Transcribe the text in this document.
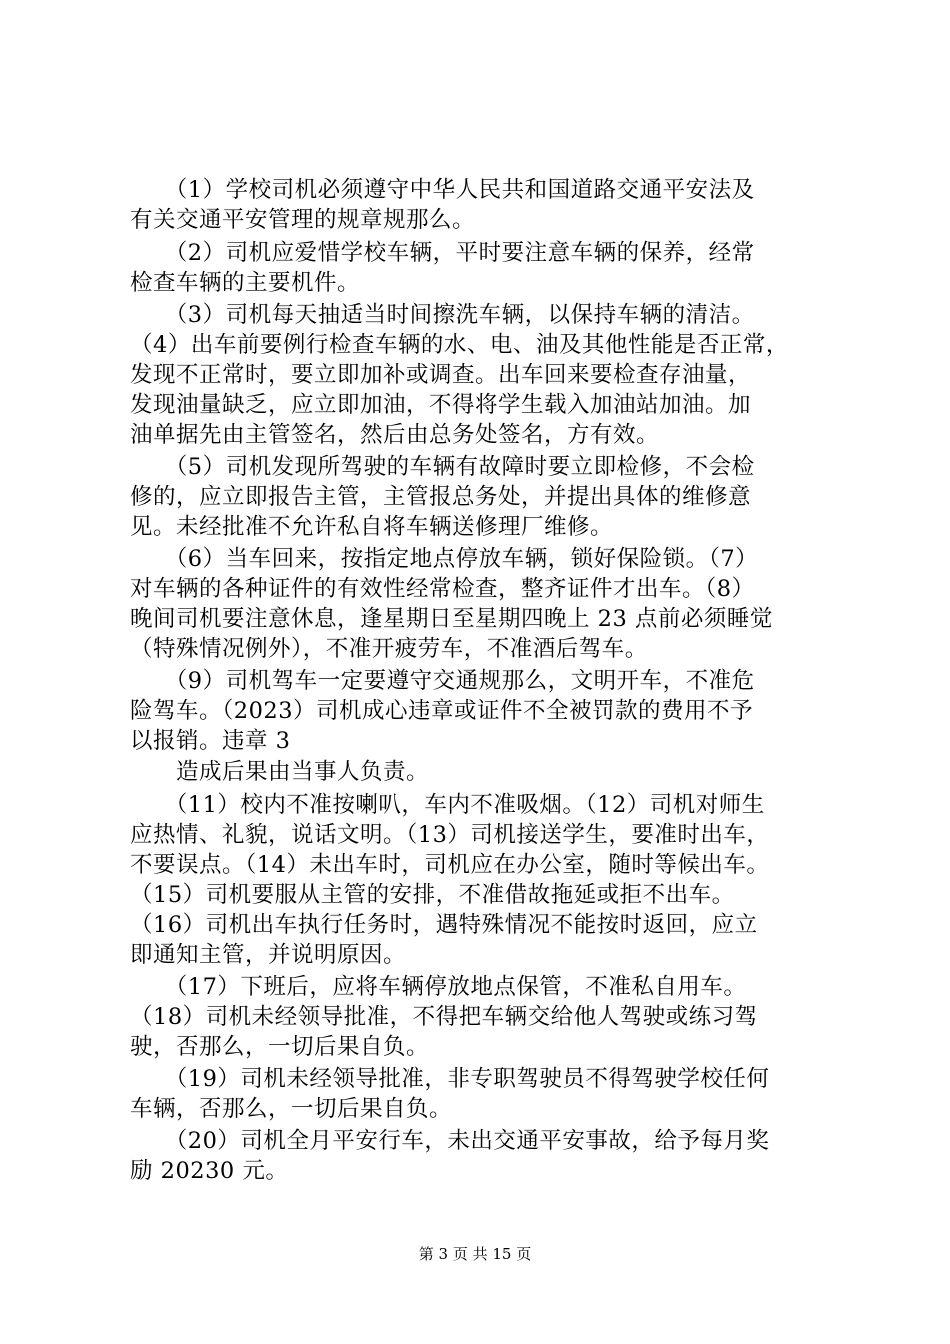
　　（1）学校司机必须遵守中华人民共和国道路交通平安法及
有关交通平安管理的规章规那么。
　　（2）司机应爱惜学校车辆，平时要注意车辆的保养，经常
检查车辆的主要机件。
　　（3）司机每天抽适当时间擦洗车辆，以保持车辆的清洁。
（4）出车前要例行检查车辆的水、电、油及其他性能是否正常，
发现不正常时，要立即加补或调查。出车回来要检查存油量，
发现油量缺乏，应立即加油，不得将学生载入加油站加油。加
油单据先由主管签名，然后由总务处签名，方有效。
　　（5）司机发现所驾驶的车辆有故障时要立即检修，不会检
修的，应立即报告主管，主管报总务处，并提出具体的维修意
见。未经批准不允许私自将车辆送修理厂维修。
　　（6）当车回来，按指定地点停放车辆，锁好保险锁。（7）
对车辆的各种证件的有效性经常检查，整齐证件才出车。（8）
晚间司机要注意休息，逢星期日至星期四晚上 23 点前必须睡觉
（特殊情况例外），不准开疲劳车，不准酒后驾车。
　　（9）司机驾车一定要遵守交通规那么，文明开车，不准危
险驾车。（2023）司机成心违章或证件不全被罚款的费用不予
以报销。违章 3
　　造成后果由当事人负责。
　　（11）校内不准按喇叭，车内不准吸烟。（12）司机对师生
应热情、礼貌，说话文明。（13）司机接送学生，要准时出车，
不要误点。（14）未出车时，司机应在办公室，随时等候出车。
（15）司机要服从主管的安排，不准借故拖延或拒不出车。
（16）司机出车执行任务时，遇特殊情况不能按时返回，应立
即通知主管，并说明原因。
　　（17）下班后，应将车辆停放地点保管，不准私自用车。
（18）司机未经领导批准，不得把车辆交给他人驾驶或练习驾
驶，否那么，一切后果自负。
　　（19）司机未经领导批准，非专职驾驶员不得驾驶学校任何
车辆，否那么，一切后果自负。
　　（20）司机全月平安行车，未出交通平安事故，给予每月奖
励 20230 元。
第 3 页 共 15 页
